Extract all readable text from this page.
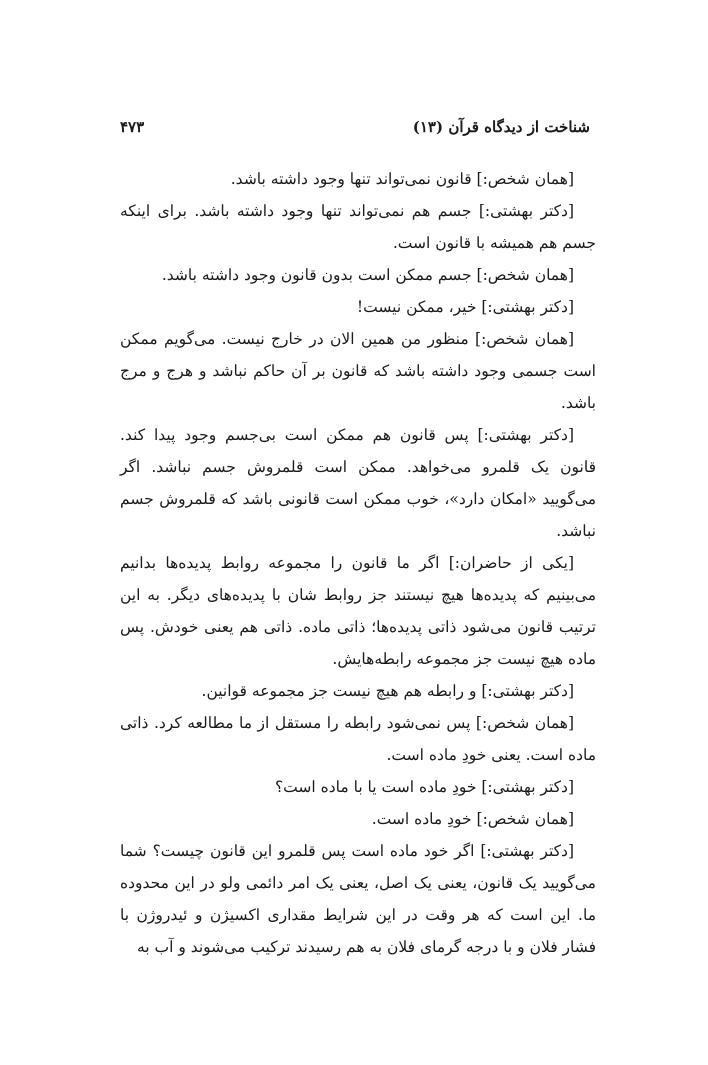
شناخت از دیدگاه قرآن (۱۳)
۴۷۳

[همان شخص:] قانون نمی‌تواند تنها وجود داشته باشد.

[دکتر بهشتی:] جسم هم نمی‌تواند تنها وجود داشته باشد. برای اینکه جسم هم همیشه با قانون است.

[همان شخص:] جسم ممکن است بدون قانون وجود داشته باشد.

[دکتر بهشتی:] خیر، ممکن نیست!

[همان شخص:] منظور من همین الان در خارج نیست. می‌گویم ممکن است جسمی وجود داشته باشد که قانون بر آن حاکم نباشد و هرج و مرج باشد.

[دکتر بهشتی:] پس قانون هم ممکن است بی‌جسم وجود پیدا کند. قانون یک قلمرو می‌خواهد. ممکن است قلمروش جسم نباشد. اگر می‌گویید «امکان دارد»، خوب ممکن است قانونی باشد که قلمروش جسم نباشد.

[یکی از حاضران:] اگر ما قانون را مجموعه روابط پدیده‌ها بدانیم می‌بینیم که پدیده‌ها هیچ نیستند جز روابط شان با پدیده‌های دیگر. به این ترتیب قانون می‌شود ذاتی پدیده‌ها؛ ذاتی ماده. ذاتی هم یعنی خودش. پس ماده هیچ نیست جز مجموعه رابطه‌هایش.

[دکتر بهشتی:] و رابطه هم هیچ نیست جز مجموعه قوانین.

[همان شخص:] پس نمی‌شود رابطه را مستقل از ما مطالعه کرد. ذاتی ماده است. یعنی خودِ ماده است.

[دکتر بهشتی:] خودِ ماده است یا با ماده است؟

[همان شخص:] خودِ ماده است.

[دکتر بهشتی:] اگر خود ماده است پس قلمرو این قانون چیست؟ شما می‌گویید یک قانون، یعنی یک اصل، یعنی یک امر دائمی ولو در این محدوده ما. این است که هر وقت در این شرایط مقداری اکسیژن و ئیدروژن با فشار فلان و با درجه گرمای فلان به هم رسیدند ترکیب می‌شوند و آب به
